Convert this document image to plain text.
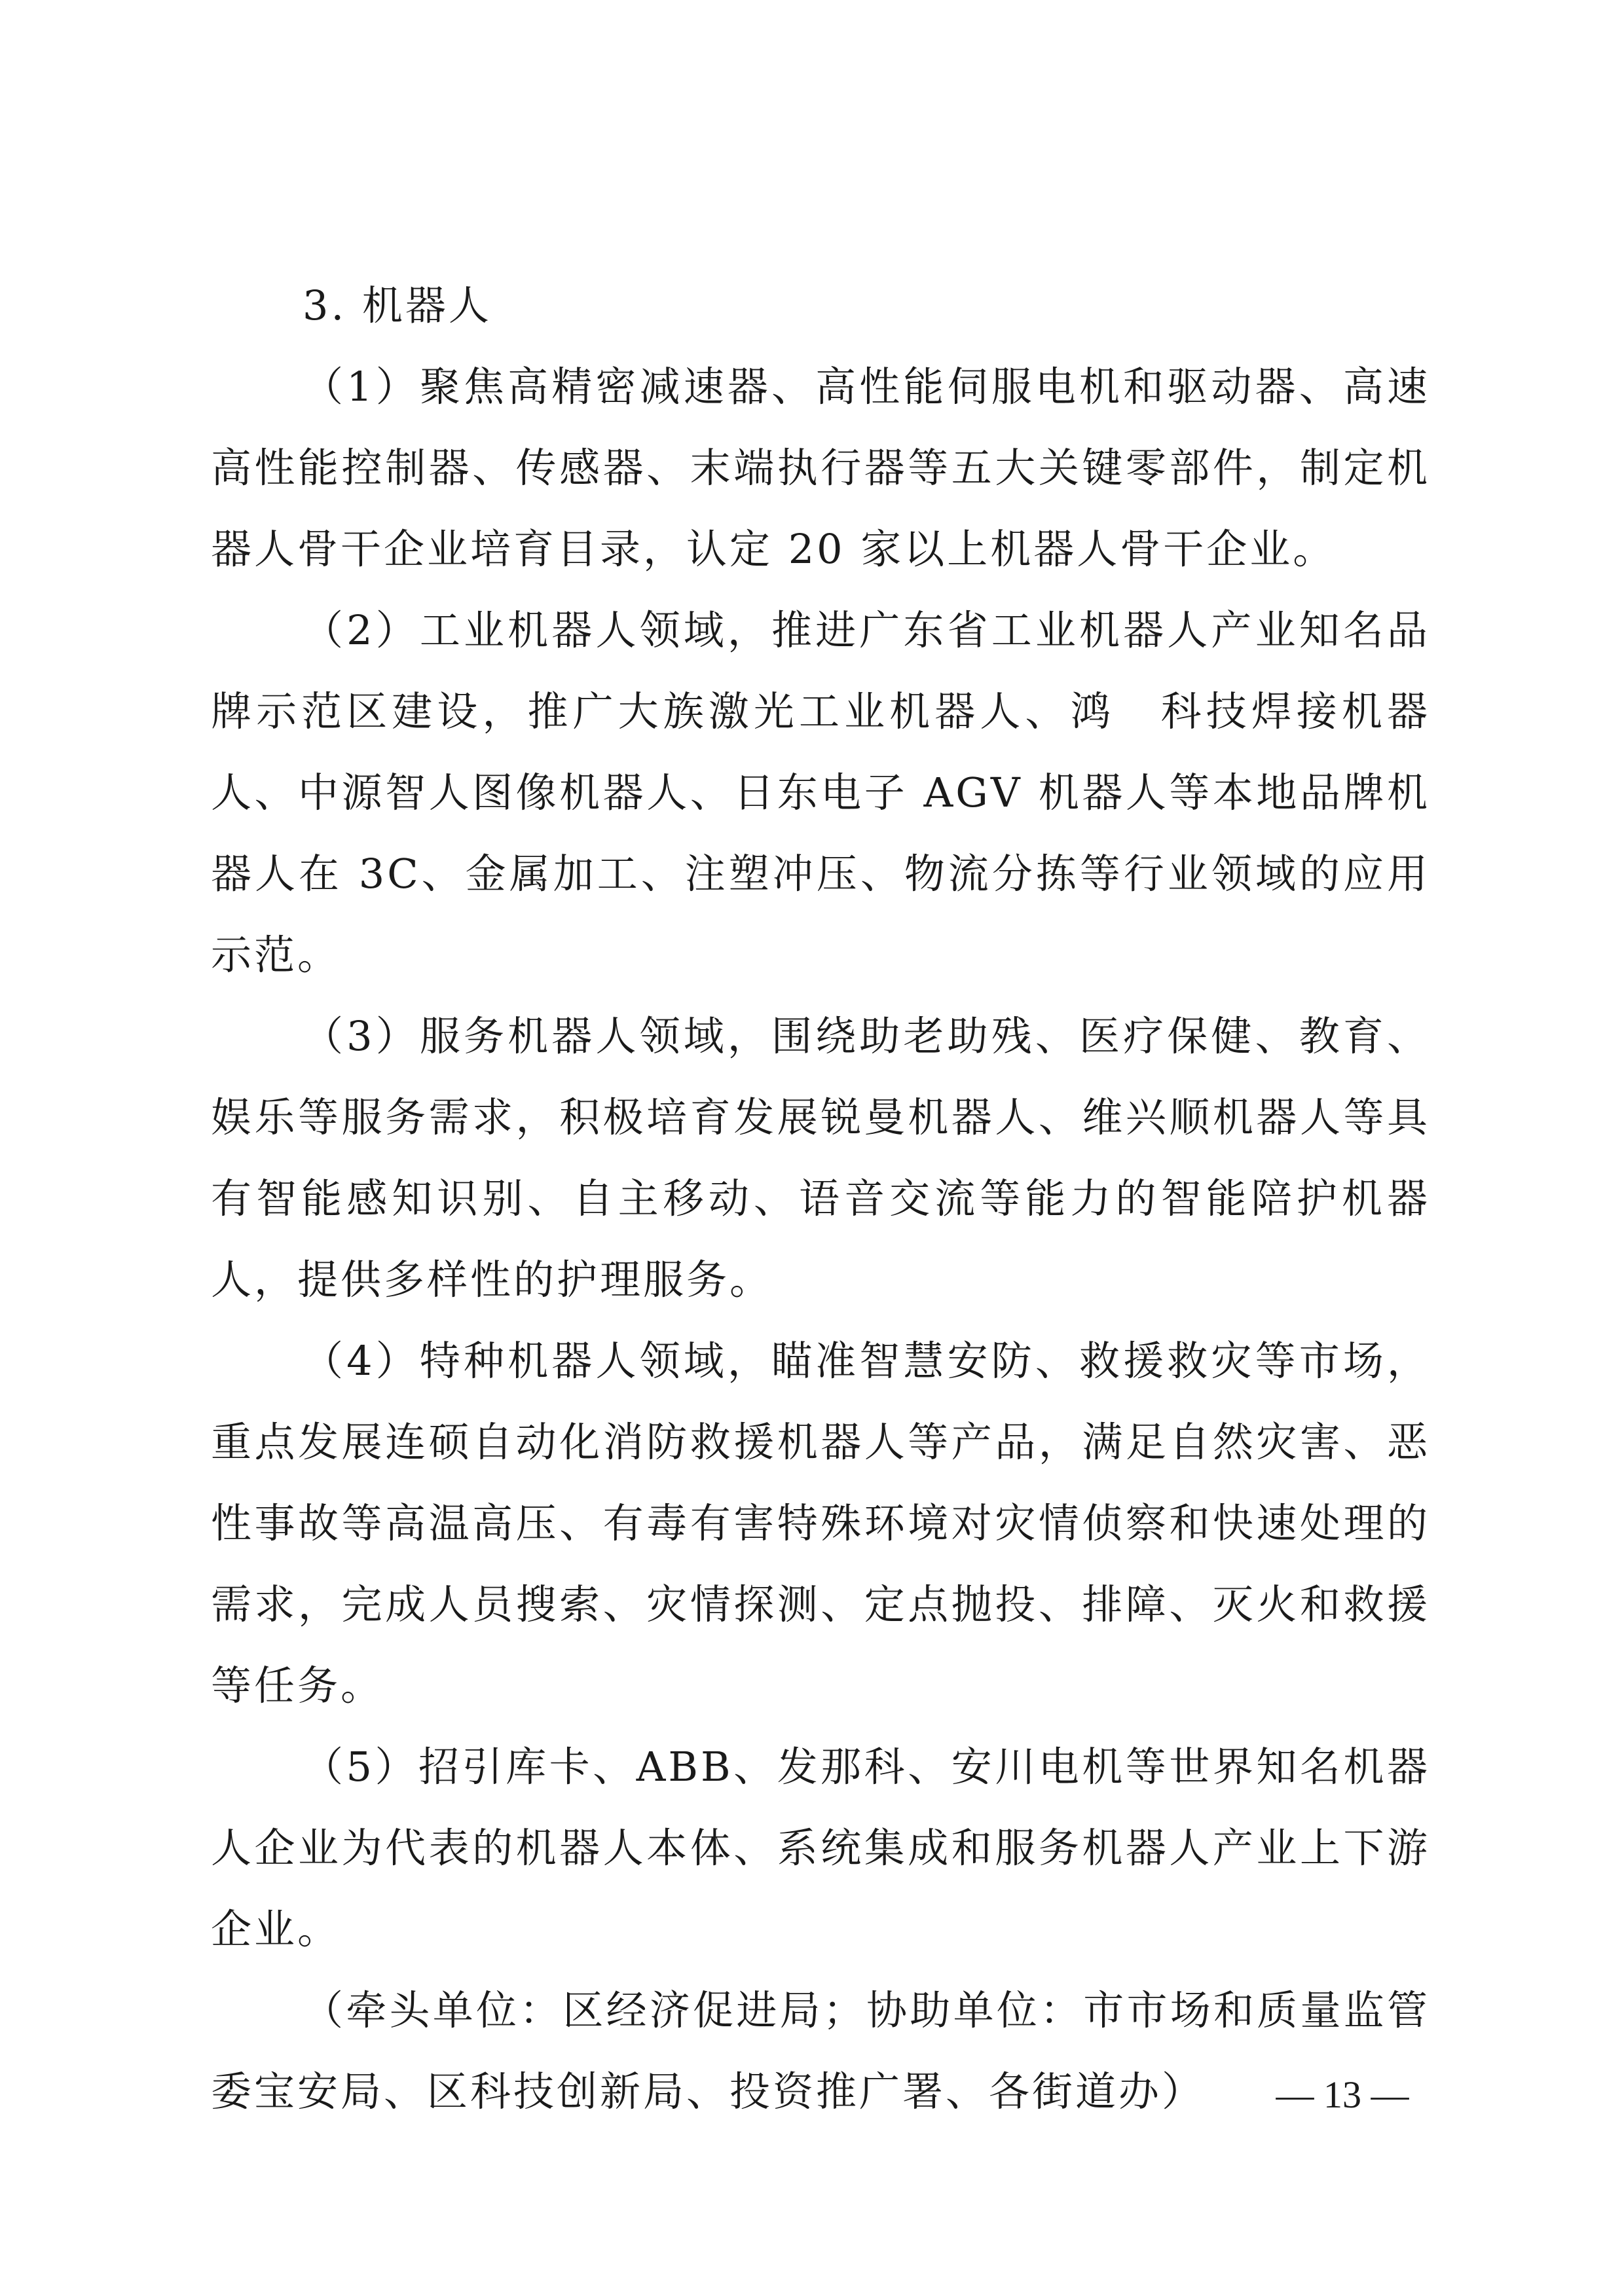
3. 机器人

（1）聚焦高精密减速器、高性能伺服电机和驱动器、高速高性能控制器、传感器、末端执行器等五大关键零部件，制定机器人骨干企业培育目录，认定 20 家以上机器人骨干企业。

（2）工业机器人领域，推进广东省工业机器人产业知名品牌示范区建设，推广大族激光工业机器人、鸿　科技焊接机器人、中源智人图像机器人、日东电子 AGV 机器人等本地品牌机器人在 3C、金属加工、注塑冲压、物流分拣等行业领域的应用示范。

（3）服务机器人领域，围绕助老助残、医疗保健、教育、娱乐等服务需求，积极培育发展锐曼机器人、维兴顺机器人等具有智能感知识别、自主移动、语音交流等能力的智能陪护机器人，提供多样性的护理服务。

（4）特种机器人领域，瞄准智慧安防、救援救灾等市场，重点发展连硕自动化消防救援机器人等产品，满足自然灾害、恶性事故等高温高压、有毒有害特殊环境对灾情侦察和快速处理的需求，完成人员搜索、灾情探测、定点抛投、排障、灭火和救援等任务。

（5）招引库卡、ABB、发那科、安川电机等世界知名机器人企业为代表的机器人本体、系统集成和服务机器人产业上下游企业。

（牵头单位：区经济促进局；协助单位：市市场和质量监管委宝安局、区科技创新局、投资推广署、各街道办）	— 13 —
